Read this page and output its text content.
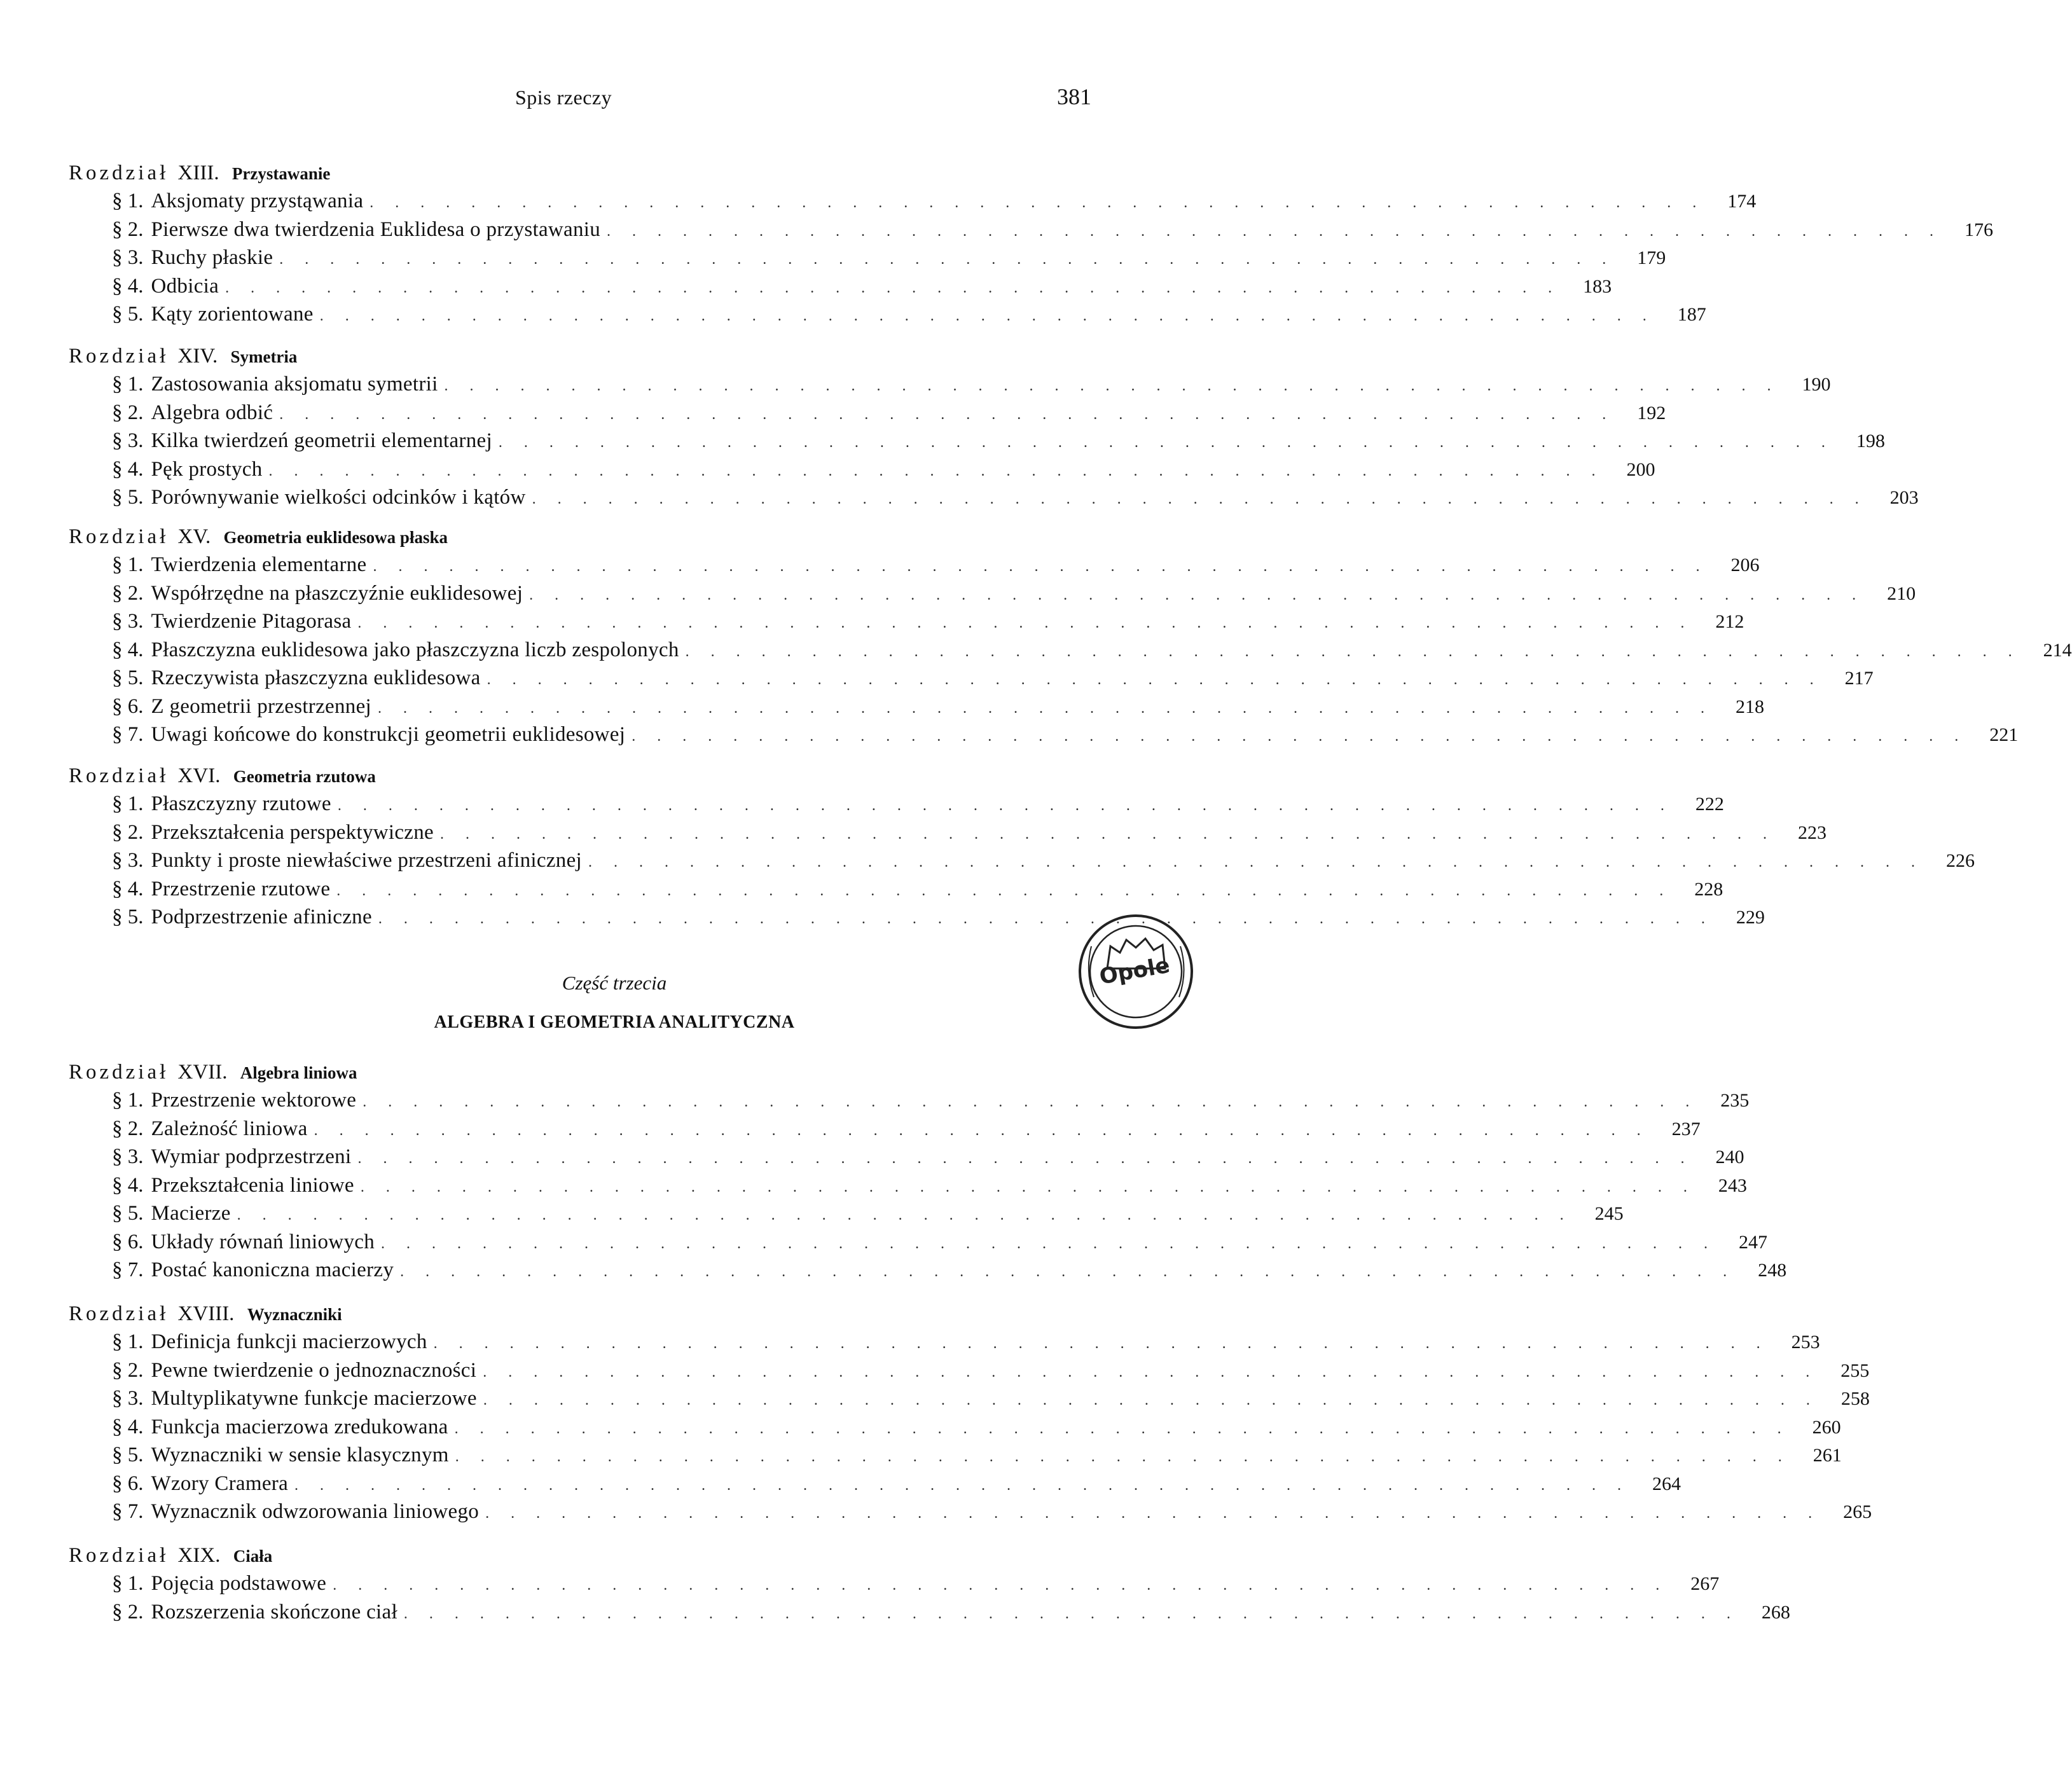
Spis rzeczy	381
Rozdział XIII. Przystawanie
§ 1. Aksjomaty przystąwania . . . . . . . . . . . . . . . . . . . . . . . . . . . . . . . . . . . . . . . . . . . . . . . . . . . . .	174
§ 2. Pierwsze dwa twierdzenia Euklidesa o przystawaniu . . . . . . . . . . . . . . . . . . . . . . . . . . . . . . . . . . . . . . . . . . . . . . . . . . . . .	176
§ 3. Ruchy płaskie . . . . . . . . . . . . . . . . . . . . . . . . . . . . . . . . . . . . . . . . . . . . . . . . . . . . .	179
§ 4. Odbicia . . . . . . . . . . . . . . . . . . . . . . . . . . . . . . . . . . . . . . . . . . . . . . . . . . . . .	183
§ 5. Kąty zorientowane . . . . . . . . . . . . . . . . . . . . . . . . . . . . . . . . . . . . . . . . . . . . . . . . . . . . .	187
Rozdział XIV. Symetria
§ 1. Zastosowania aksjomatu symetrii . . . . . . . . . . . . . . . . . . . . . . . . . . . . . . . . . . . . . . . . . . . . . . . . . . . . .	190
§ 2. Algebra odbić . . . . . . . . . . . . . . . . . . . . . . . . . . . . . . . . . . . . . . . . . . . . . . . . . . . . .	192
§ 3. Kilka twierdzeń geometrii elementarnej . . . . . . . . . . . . . . . . . . . . . . . . . . . . . . . . . . . . . . . . . . . . . . . . . . . . .	198
§ 4. Pęk prostych . . . . . . . . . . . . . . . . . . . . . . . . . . . . . . . . . . . . . . . . . . . . . . . . . . . . .	200
§ 5. Porównywanie wielkości odcinków i kątów . . . . . . . . . . . . . . . . . . . . . . . . . . . . . . . . . . . . . . . . . . . . . . . . . . . . .	203
Rozdział XV. Geometria euklidesowa płaska
§ 1. Twierdzenia elementarne . . . . . . . . . . . . . . . . . . . . . . . . . . . . . . . . . . . . . . . . . . . . . . . . . . . . .	206
§ 2. Współrzędne na płaszczyźnie euklidesowej . . . . . . . . . . . . . . . . . . . . . . . . . . . . . . . . . . . . . . . . . . . . . . . . . . . . .	210
§ 3. Twierdzenie Pitagorasa . . . . . . . . . . . . . . . . . . . . . . . . . . . . . . . . . . . . . . . . . . . . . . . . . . . . .	212
§ 4. Płaszczyzna euklidesowa jako płaszczyzna liczb zespolonych . . . . . . . . . . . . . . . . . . . . . . . . . . . . . . . . . . . . . . . . . . . . . . . . . . . . .	214
§ 5. Rzeczywista płaszczyzna euklidesowa . . . . . . . . . . . . . . . . . . . . . . . . . . . . . . . . . . . . . . . . . . . . . . . . . . . . .	217
§ 6. Z geometrii przestrzennej . . . . . . . . . . . . . . . . . . . . . . . . . . . . . . . . . . . . . . . . . . . . . . . . . . . . .	218
§ 7. Uwagi końcowe do konstrukcji geometrii euklidesowej . . . . . . . . . . . . . . . . . . . . . . . . . . . . . . . . . . . . . . . . . . . . . . . . . . . . .	221
Rozdział XVI. Geometria rzutowa
§ 1. Płaszczyzny rzutowe . . . . . . . . . . . . . . . . . . . . . . . . . . . . . . . . . . . . . . . . . . . . . . . . . . . . .	222
§ 2. Przekształcenia perspektywiczne . . . . . . . . . . . . . . . . . . . . . . . . . . . . . . . . . . . . . . . . . . . . . . . . . . . . .	223
§ 3. Punkty i proste niewłaściwe przestrzeni afinicznej . . . . . . . . . . . . . . . . . . . . . . . . . . . . . . . . . . . . . . . . . . . . . . . . . . . . .	226
§ 4. Przestrzenie rzutowe . . . . . . . . . . . . . . . . . . . . . . . . . . . . . . . . . . . . . . . . . . . . . . . . . . . . .	228
§ 5. Podprzestrzenie afiniczne . . . . . . . . . . . . . . . . . . . . . . . . . . . . . . . . . . . . . . . . . . . . . . . . . . . . .	229
Część trzecia
ALGEBRA I GEOMETRIA ANALITYCZNA
Opole
Rozdział XVII. Algebra liniowa
§ 1. Przestrzenie wektorowe . . . . . . . . . . . . . . . . . . . . . . . . . . . . . . . . . . . . . . . . . . . . . . . . . . . . .	235
§ 2. Zależność liniowa . . . . . . . . . . . . . . . . . . . . . . . . . . . . . . . . . . . . . . . . . . . . . . . . . . . . .	237
§ 3. Wymiar podprzestrzeni . . . . . . . . . . . . . . . . . . . . . . . . . . . . . . . . . . . . . . . . . . . . . . . . . . . . .	240
§ 4. Przekształcenia liniowe . . . . . . . . . . . . . . . . . . . . . . . . . . . . . . . . . . . . . . . . . . . . . . . . . . . . .	243
§ 5. Macierze . . . . . . . . . . . . . . . . . . . . . . . . . . . . . . . . . . . . . . . . . . . . . . . . . . . . .	245
§ 6. Układy równań liniowych . . . . . . . . . . . . . . . . . . . . . . . . . . . . . . . . . . . . . . . . . . . . . . . . . . . . .	247
§ 7. Postać kanoniczna macierzy . . . . . . . . . . . . . . . . . . . . . . . . . . . . . . . . . . . . . . . . . . . . . . . . . . . . .	248
Rozdział XVIII. Wyznaczniki
§ 1. Definicja funkcji macierzowych . . . . . . . . . . . . . . . . . . . . . . . . . . . . . . . . . . . . . . . . . . . . . . . . . . . . .	253
§ 2. Pewne twierdzenie o jednoznaczności . . . . . . . . . . . . . . . . . . . . . . . . . . . . . . . . . . . . . . . . . . . . . . . . . . . . .	255
§ 3. Multyplikatywne funkcje macierzowe . . . . . . . . . . . . . . . . . . . . . . . . . . . . . . . . . . . . . . . . . . . . . . . . . . . . .	258
§ 4. Funkcja macierzowa zredukowana . . . . . . . . . . . . . . . . . . . . . . . . . . . . . . . . . . . . . . . . . . . . . . . . . . . . .	260
§ 5. Wyznaczniki w sensie klasycznym . . . . . . . . . . . . . . . . . . . . . . . . . . . . . . . . . . . . . . . . . . . . . . . . . . . . .	261
§ 6. Wzory Cramera . . . . . . . . . . . . . . . . . . . . . . . . . . . . . . . . . . . . . . . . . . . . . . . . . . . . .	264
§ 7. Wyznacznik odwzorowania liniowego . . . . . . . . . . . . . . . . . . . . . . . . . . . . . . . . . . . . . . . . . . . . . . . . . . . . .	265
Rozdział XIX. Ciała
§ 1. Pojęcia podstawowe . . . . . . . . . . . . . . . . . . . . . . . . . . . . . . . . . . . . . . . . . . . . . . . . . . . . .	267
§ 2. Rozszerzenia skończone ciał . . . . . . . . . . . . . . . . . . . . . . . . . . . . . . . . . . . . . . . . . . . . . . . . . . . . .	268
